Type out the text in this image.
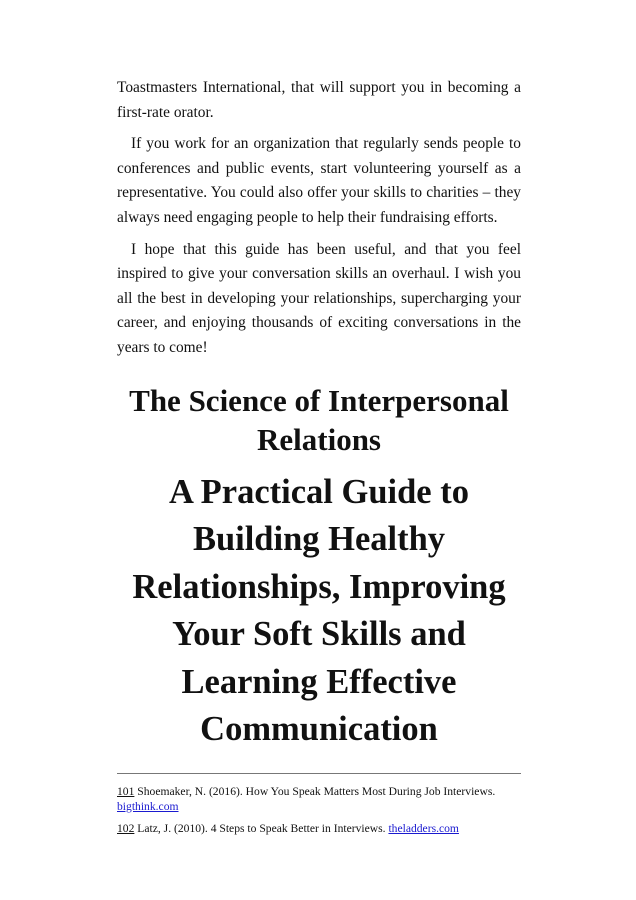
Toastmasters International, that will support you in becoming a first-rate orator.

If you work for an organization that regularly sends people to conferences and public events, start volunteering yourself as a representative. You could also offer your skills to charities – they always need engaging people to help their fundraising efforts.

I hope that this guide has been useful, and that you feel inspired to give your conversation skills an overhaul. I wish you all the best in developing your relationships, supercharging your career, and enjoying thousands of exciting conversations in the years to come!

The Science of Interpersonal Relations
A Practical Guide to Building Healthy Relationships, Improving Your Soft Skills and Learning Effective Communication

101 Shoemaker, N. (2016). How You Speak Matters Most During Job Interviews. bigthink.com

102 Latz, J. (2010). 4 Steps to Speak Better in Interviews. theladders.com
